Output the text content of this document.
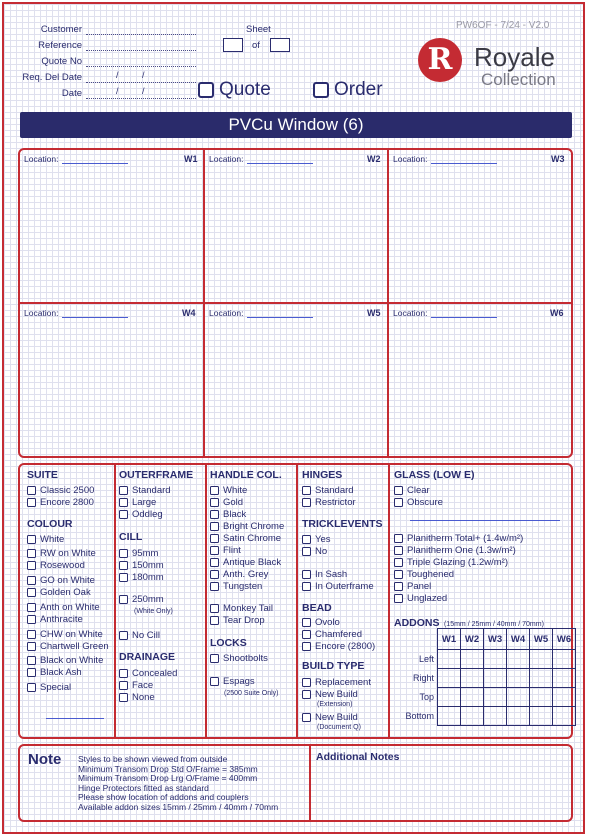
Customer
Reference
Quote No
Req. Del Date	/	/
Date	/	/
Sheet
of
Quote	Order
PW6OF - 7/24 - V2.0
R Royale
Collection
PVCu Window (6)
Location:	W1 Location:	W2 Location:	W3
Location:	W4 Location:	W5 Location:	W6
SUITE
Classic 2500
Encore 2800
COLOUR
White
RW on White
Rosewood
GO on White
Golden Oak
Anth on White
Anthracite
CHW on White
Chartwell Green
Black on White
Black Ash
Special
OUTERFRAME
Standard
Large
Oddleg
CILL
95mm
150mm
180mm
250mm
(White Only)
No Cill
DRAINAGE
Concealed
Face
None
HANDLE COL.
White
Gold
Black
Bright Chrome
Satin Chrome
Flint
Antique Black
Anth. Grey
Tungsten
Monkey Tail
Tear Drop
LOCKS
Shootbolts
Espags
(2500 Suite Only)
HINGES
Standard
Restrictor
TRICKLEVENTS
Yes
No
In Sash
In Outerframe
BEAD
Ovolo
Chamfered
Encore (2800)
BUILD TYPE
Replacement
New Build
(Extension)
New Build
(Document Q)
GLASS (LOW E)
Clear
Obscure
Planitherm Total+ (1.4w/m²)
Planitherm One (1.3w/m²)
Triple Glazing (1.2w/m²)
Toughened
Panel
Unglazed
ADDONS (15mm / 25mm / 40mm / 70mm)
	W1	W2	W3	W4	W5	W6
Left						
Right						
Top						
Bottom						
Note Styles to be shown viewed from outside
Minimum Transom Drop Std O/Frame = 385mm
Minimum Transom Drop Lrg O/Frame = 400mm
Hinge Protectors fitted as standard
Please show location of addons and couplers
Available addon sizes 15mm / 25mm / 40mm / 70mm
Additional Notes
